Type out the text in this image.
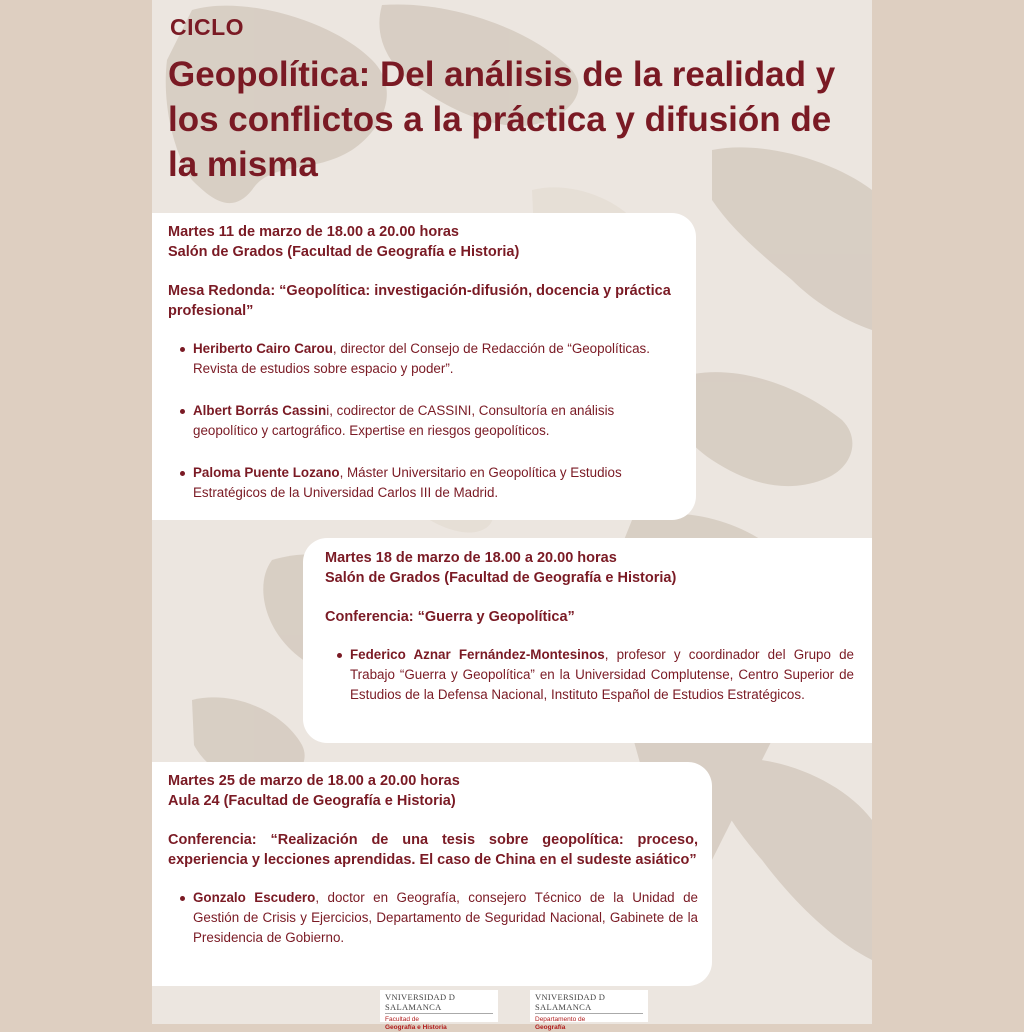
CICLO
Geopolítica: Del análisis de la realidad y los conflictos a la práctica y difusión de la misma
Martes 11 de marzo de 18.00 a 20.00 horas
Salón de Grados (Facultad de Geografía e Historia)
Mesa Redonda: “Geopolítica: investigación-difusión, docencia y práctica profesional”
Heriberto Cairo Carou, director del Consejo de Redacción de “Geopolíticas. Revista de estudios sobre espacio y poder”.
Albert Borrás Cassini, codirector de CASSINI, Consultoría en análisis geopolítico y cartográfico. Expertise en riesgos geopolíticos.
Paloma Puente Lozano, Máster Universitario en Geopolítica y Estudios Estratégicos de la Universidad Carlos III de Madrid.
Martes 18 de marzo de 18.00 a 20.00 horas
Salón de Grados (Facultad de Geografía e Historia)
Conferencia: “Guerra y Geopolítica”
Federico Aznar Fernández-Montesinos, profesor y coordinador del Grupo de Trabajo “Guerra y Geopolítica” en la Universidad Complutense, Centro Superior de Estudios de la Defensa Nacional, Instituto Español de Estudios Estratégicos.
Martes 25 de marzo de 18.00 a 20.00 horas
Aula 24 (Facultad de Geografía e Historia)
Conferencia: “Realización de una tesis sobre geopolítica: proceso, experiencia y lecciones aprendidas. El caso de China en el sudeste asiático”
Gonzalo Escudero, doctor en Geografía, consejero Técnico de la Unidad de Gestión de Crisis y Ejercicios, Departamento de Seguridad Nacional, Gabinete de la Presidencia de Gobierno.
VNIVERSIDAD D SALAMANCA
Facultad de
Geografía e Historia
VNIVERSIDAD D SALAMANCA
Departamento de
Geografía
